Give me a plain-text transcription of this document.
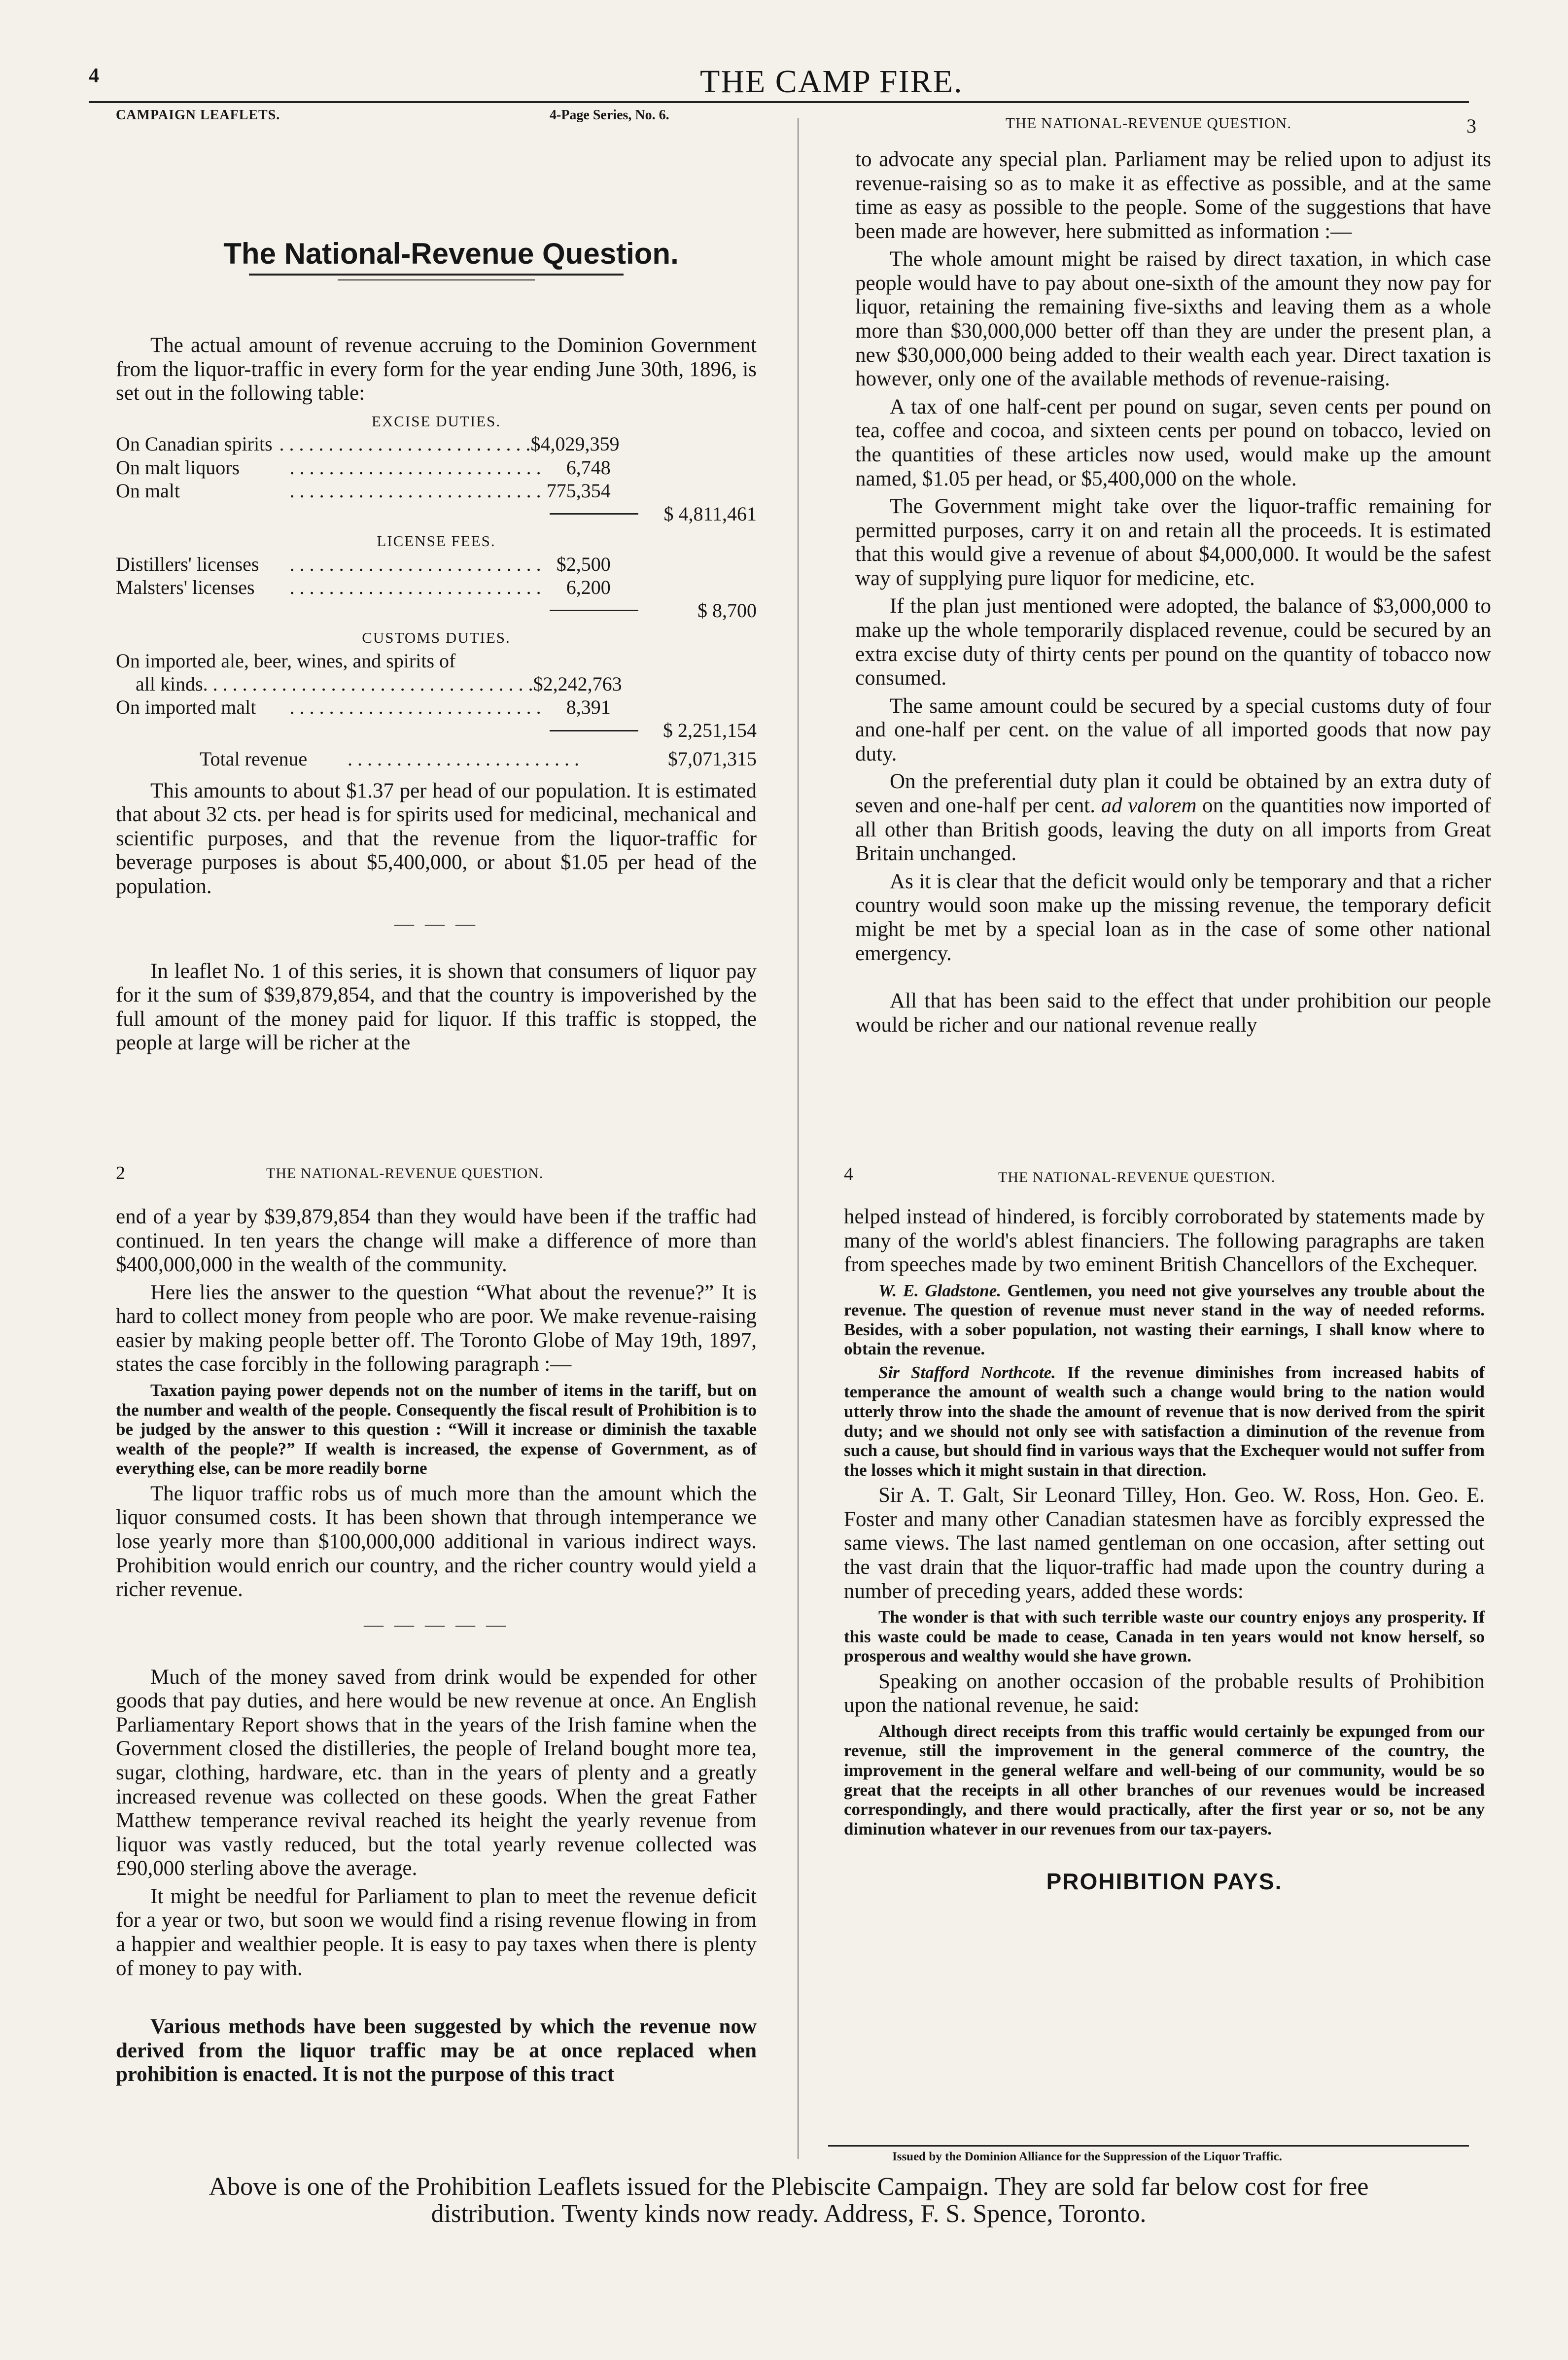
4	THE CAMP FIRE.
CAMPAIGN LEAFLETS.	4-Page Series, No. 6.	THE NATIONAL-REVENUE QUESTION.	3
The National-Revenue Question.

The actual amount of revenue accruing to the Dominion Government from the liquor-traffic in every form for the year ending June 30th, 1896, is set out in the following table:

EXCISE DUTIES.
On Canadian spirits . . . . . . . . . . . . . . . . . . . . . . . . . . $4,029,359
On malt liquors	. . . . . . . . . . . . . . . . . . . . . . . . . .	6,748
On malt	. . . . . . . . . . . . . . . . . . . . . . . . . . 775,354
$ 4,811,461
LICENSE FEES.
Distillers' licenses	. . . . . . . . . . . . . . . . . . . . . . . . . . $2,500
Malsters' licenses	. . . . . . . . . . . . . . . . . . . . . . . . . .	6,200
$ 8,700
CUSTOMS DUTIES.
On imported ale, beer, wines, and spirits of
all kinds . . . . . . . . . . . . . . . . . . . . . . . . . . . . . . . . . . $2,242,763
On imported malt	. . . . . . . . . . . . . . . . . . . . . . . . . .	8,391
$ 2,251,154
Total revenue	. . . . . . . . . . . . . . . . . . . . . . . .	$7,071,315

This amounts to about $1.37 per head of our population. It is estimated that about 32 cts. per head is for spirits used for medicinal, mechanical and scientific purposes, and that the revenue from the liquor-traffic for beverage purposes is about $5,400,000, or about $1.05 per head of the population.

— — —

In leaflet No. 1 of this series, it is shown that consumers of liquor pay for it the sum of $39,879,854, and that the country is impoverished by the full amount of the money paid for liquor. If this traffic is stopped, the people at large will be richer at the

to advocate any special plan. Parliament may be relied upon to adjust its revenue-raising so as to make it as effective as possible, and at the same time as easy as possible to the people. Some of the suggestions that have been made are however, here submitted as information :—

The whole amount might be raised by direct taxation, in which case people would have to pay about one-sixth of the amount they now pay for liquor, retaining the remaining five-sixths and leaving them as a whole more than $30,000,000 better off than they are under the present plan, a new $30,000,000 being added to their wealth each year. Direct taxation is however, only one of the available methods of revenue-raising.

A tax of one half-cent per pound on sugar, seven cents per pound on tea, coffee and cocoa, and sixteen cents per pound on tobacco, levied on the quantities of these articles now used, would make up the amount named, $1.05 per head, or $5,400,000 on the whole.

The Government might take over the liquor-traffic remaining for permitted purposes, carry it on and retain all the proceeds. It is estimated that this would give a revenue of about $4,000,000. It would be the safest way of supplying pure liquor for medicine, etc.

If the plan just mentioned were adopted, the balance of $3,000,000 to make up the whole temporarily displaced revenue, could be secured by an extra excise duty of thirty cents per pound on the quantity of tobacco now consumed.

The same amount could be secured by a special customs duty of four and one-half per cent. on the value of all imported goods that now pay duty.

On the preferential duty plan it could be obtained by an extra duty of seven and one-half per cent. ad valorem on the quantities now imported of all other than British goods, leaving the duty on all imports from Great Britain unchanged.

As it is clear that the deficit would only be temporary and that a richer country would soon make up the missing revenue, the temporary deficit might be met by a special loan as in the case of some other national emergency.

All that has been said to the effect that under prohibition our people would be richer and our national revenue really

2	THE NATIONAL-REVENUE QUESTION.

end of a year by $39,879,854 than they would have been if the traffic had continued. In ten years the change will make a difference of more than $400,000,000 in the wealth of the community.

Here lies the answer to the question “What about the revenue?” It is hard to collect money from people who are poor. We make revenue-raising easier by making people better off. The Toronto Globe of May 19th, 1897, states the case forcibly in the following paragraph :—

Taxation paying power depends not on the number of items in the tariff, but on the number and wealth of the people. Consequently the fiscal result of Prohibition is to be judged by the answer to this question : “Will it increase or diminish the taxable wealth of the people?” If wealth is increased, the expense of Government, as of everything else, can be more readily borne

The liquor traffic robs us of much more than the amount which the liquor consumed costs. It has been shown that through intemperance we lose yearly more than $100,000,000 additional in various indirect ways. Prohibition would enrich our country, and the richer country would yield a richer revenue.

— — — — —

Much of the money saved from drink would be expended for other goods that pay duties, and here would be new revenue at once. An English Parliamentary Report shows that in the years of the Irish famine when the Government closed the distilleries, the people of Ireland bought more tea, sugar, clothing, hardware, etc. than in the years of plenty and a greatly increased revenue was collected on these goods. When the great Father Matthew temperance revival reached its height the yearly revenue from liquor was vastly reduced, but the total yearly revenue collected was £90,000 sterling above the average.

It might be needful for Parliament to plan to meet the revenue deficit for a year or two, but soon we would find a rising revenue flowing in from a happier and wealthier people. It is easy to pay taxes when there is plenty of money to pay with.

Various methods have been suggested by which the revenue now derived from the liquor traffic may be at once replaced when prohibition is enacted. It is not the purpose of this tract

4	THE NATIONAL-REVENUE QUESTION.

helped instead of hindered, is forcibly corroborated by statements made by many of the world's ablest financiers. The following paragraphs are taken from speeches made by two eminent British Chancellors of the Exchequer.

W. E. Gladstone. Gentlemen, you need not give yourselves any trouble about the revenue. The question of revenue must never stand in the way of needed reforms. Besides, with a sober population, not wasting their earnings, I shall know where to obtain the revenue.

Sir Stafford Northcote. If the revenue diminishes from increased habits of temperance the amount of wealth such a change would bring to the nation would utterly throw into the shade the amount of revenue that is now derived from the spirit duty; and we should not only see with satisfaction a diminution of the revenue from such a cause, but should find in various ways that the Exchequer would not suffer from the losses which it might sustain in that direction.

Sir A. T. Galt, Sir Leonard Tilley, Hon. Geo. W. Ross, Hon. Geo. E. Foster and many other Canadian statesmen have as forcibly expressed the same views. The last named gentleman on one occasion, after setting out the vast drain that the liquor-traffic had made upon the country during a number of preceding years, added these words:

The wonder is that with such terrible waste our country enjoys any prosperity. If this waste could be made to cease, Canada in ten years would not know herself, so prosperous and wealthy would she have grown.

Speaking on another occasion of the probable results of Prohibition upon the national revenue, he said:

Although direct receipts from this traffic would certainly be expunged from our revenue, still the improvement in the general commerce of the country, the improvement in the general welfare and well-being of our community, would be so great that the receipts in all other branches of our revenues would be increased correspondingly, and there would practically, after the first year or so, not be any diminution whatever in our revenues from our tax-payers.

PROHIBITION PAYS.
Issued by the Dominion Alliance for the Suppression of the Liquor Traffic.
Above is one of the Prohibition Leaflets issued for the Plebiscite Campaign. They are sold far below cost for free
distribution. Twenty kinds now ready. Address, F. S. Spence, Toronto.
